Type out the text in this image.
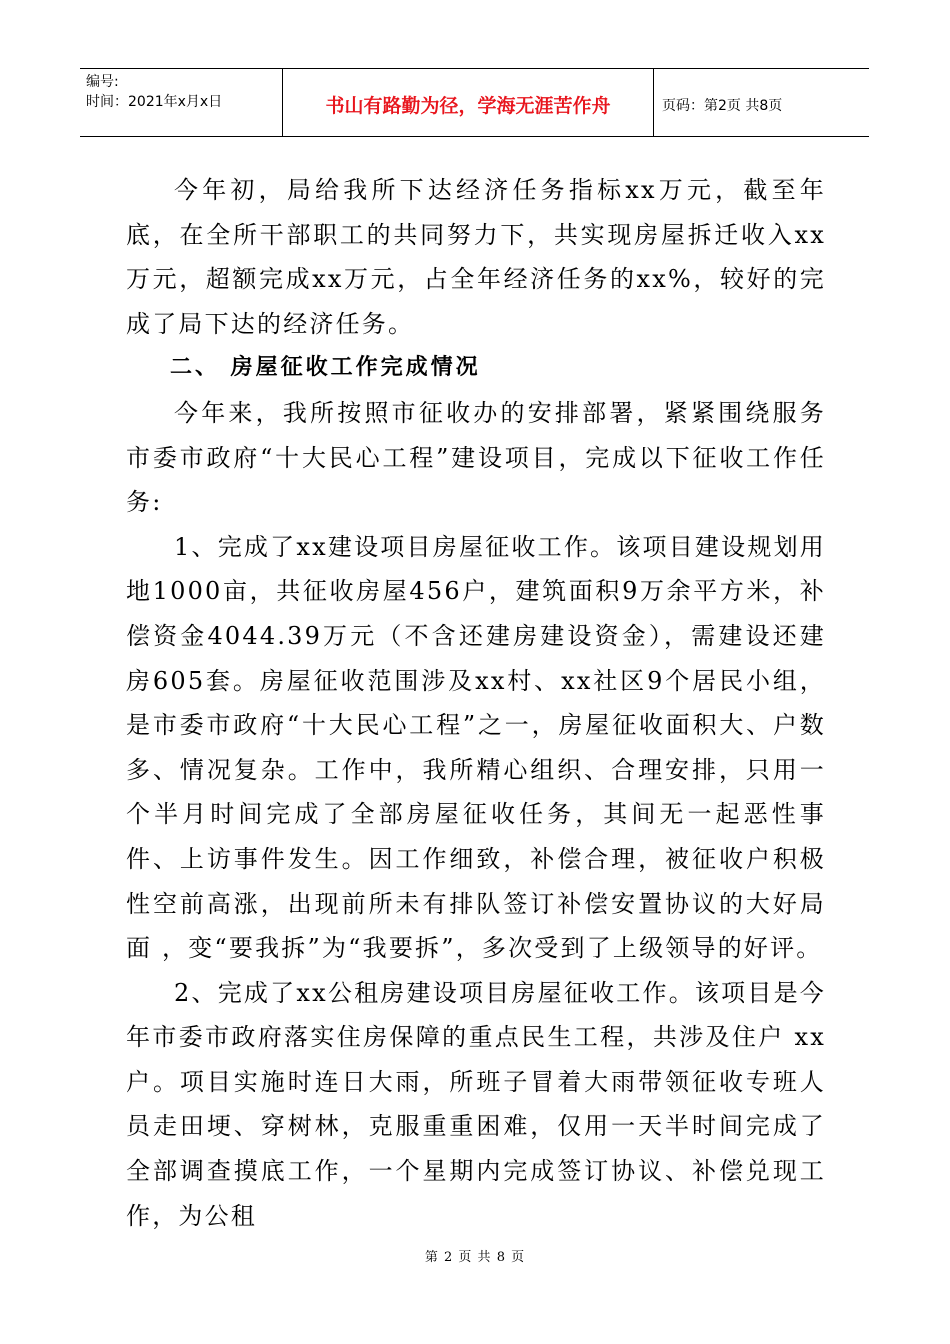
编号:
时间：2021年x月x日	书山有路勤为径，学海无涯苦作舟	页码：第2页 共8页

今年初，局给我所下达经济任务指标xx万元，截至年底，在全所干部职工的共同努力下，共实现房屋拆迁收入xx万元，超额完成xx万元，占全年经济任务的xx%，较好的完成了局下达的经济任务。

二、 房屋征收工作完成情况

今年来，我所按照市征收办的安排部署，紧紧围绕服务市委市政府“十大民心工程”建设项目，完成以下征收工作任务:

1、完成了xx建设项目房屋征收工作。该项目建设规划用地1000亩，共征收房屋456户，建筑面积9万余平方米，补偿资金4044.39万元（不含还建房建设资金），需建设还建房605套。房屋征收范围涉及xx村、xx社区9个居民小组，是市委市政府“十大民心工程”之一，房屋征收面积大、户数多、情况复杂。工作中，我所精心组织、合理安排，只用一个半月时间完成了全部房屋征收任务，其间无一起恶性事件、上访事件发生。因工作细致，补偿合理，被征收户积极性空前高涨，出现前所未有排队签订补偿安置协议的大好局面 ，变“要我拆”为“我要拆”，多次受到了上级领导的好评。

2、完成了xx公租房建设项目房屋征收工作。该项目是今年市委市政府落实住房保障的重点民生工程，共涉及住户 xx户。项目实施时连日大雨，所班子冒着大雨带领征收专班人员走田埂、穿树林，克服重重困难，仅用一天半时间完成了全部调查摸底工作，一个星期内完成签订协议、补偿兑现工作，为公租

第 2 页 共 8 页
